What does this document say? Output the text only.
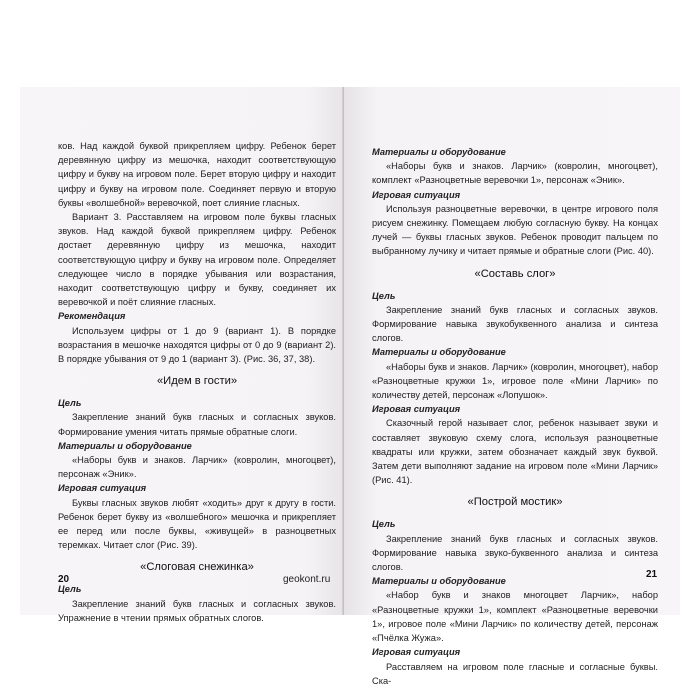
ков. Над каждой буквой прикрепляем цифру. Ребенок берет деревянную цифру из мешочка, находит соответствующую цифру и букву на игровом поле. Берет вторую цифру и находит цифру и букву на игровом поле. Соединяет первую и вторую буквы «волшебной» веревочкой, поет слияние гласных.

Вариант 3. Расставляем на игровом поле буквы гласных звуков. Над каждой буквой прикрепляем цифру. Ребенок достает деревянную цифру из мешочка, находит соответствующую цифру и букву на игровом поле. Определяет следующее число в порядке убывания или возрастания, находит соответствующую цифру и букву, соединяет их веревочкой и поёт слияние гласных.

Рекомендация

Используем цифры от 1 до 9 (вариант 1). В порядке возрастания в мешочке находятся цифры от 0 до 9 (вариант 2). В порядке убывания от 9 до 1 (вариант 3). (Рис. 36, 37, 38).

«Идем в гости»

Цель

Закрепление знаний букв гласных и согласных звуков. Формирование умения читать прямые обратные слоги.

Материалы и оборудование

«Наборы букв и знаков. Ларчик» (ковролин, многоцвет), персонаж «Эник».

Игровая ситуация

Буквы гласных звуков любят «ходить» друг к другу в гости. Ребенок берет букву из «волшебного» мешочка и прикрепляет ее перед или после буквы, «живущей» в разноцветных теремках. Читает слог (Рис. 39).

«Слоговая снежинка»

Цель

Закрепление знаний букв гласных и согласных звуков. Упражнение в чтении прямых обратных слогов.

Материалы и оборудование

«Наборы букв и знаков. Ларчик» (ковролин, многоцвет), комплект «Разноцветные веревочки 1», персонаж «Эник».

Игровая ситуация

Используя разноцветные веревочки, в центре игрового поля рисуем снежинку. Помещаем любую согласную букву. На концах лучей — буквы гласных звуков. Ребенок проводит пальцем по выбранному лучику и читает прямые и обратные слоги (Рис. 40).

«Составь слог»

Цель

Закрепление знаний букв гласных и согласных звуков. Формирование навыка звукобуквенного анализа и синтеза слогов.

Материалы и оборудование

«Наборы букв и знаков. Ларчик» (ковролин, многоцвет), набор «Разноцветные кружки 1», игровое поле «Мини Ларчик» по количеству детей, персонаж «Лопушок».

Игровая ситуация

Сказочный герой называет слог, ребенок называет звуки и составляет звуковую схему слога, используя разноцветные квадраты или кружки, затем обозначает каждый звук буквой. Затем дети выполняют задание на игровом поле «Мини Ларчик» (Рис. 41).

«Построй мостик»

Цель

Закрепление знаний букв гласных и согласных звуков. Формирование навыка звуко-буквенного анализа и синтеза слогов.

Материалы и оборудование

«Набор букв и знаков многоцвет Ларчик», набор «Разноцветные кружки 1», комплект «Разноцветные веревочки 1», игровое поле «Мини Ларчик» по количеству детей, персонаж «Пчёлка Жужа».

Игровая ситуация

Расставляем на игровом поле гласные и согласные буквы. Ска-

20	geokont.ru	21
